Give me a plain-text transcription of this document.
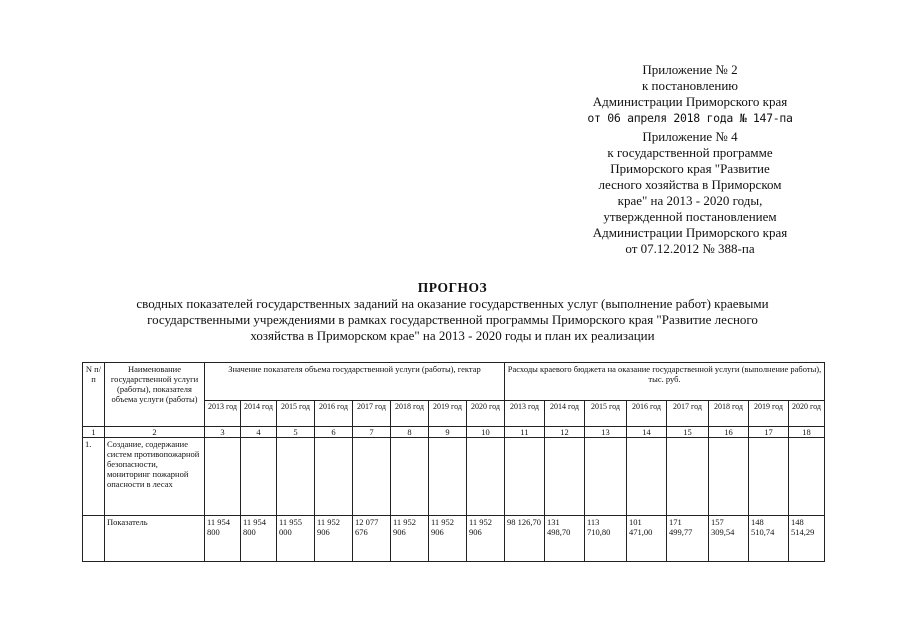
Приложение № 2
к постановлению
Администрации Приморского края
от 06 апреля 2018 года № 147-па
Приложение № 4
к государственной программе
Приморского края "Развитие
лесного хозяйства в Приморском
крае" на 2013 - 2020 годы,
утвержденной постановлением
Администрации Приморского края
от 07.12.2012 № 388-па
ПРОГНОЗ
сводных показателей государственных заданий на оказание государственных услуг (выполнение работ) краевыми
государственными учреждениями в рамках государственной программы Приморского края "Развитие лесного
хозяйства в Приморском крае" на 2013 - 2020 годы и план их реализации
N п/п	Наименование государственной услуги (работы), показателя объема услуги (работы)	Значение показателя объема государственной услуги (работы), гектар								Расходы краевого бюджета на оказание государственной услуги (выполнение работы), тыс. руб.							
		2013 год	2014 год	2015 год	2016 год	2017 год	2018 год	2019 год	2020 год	2013 год	2014 год	2015 год	2016 год	2017 год	2018 год	2019 год	2020 год
1	2	3	4	5	6	7	8	9	10	11	12	13	14	15	16	17	18
1.	Создание, содержание систем противопожарной безопасности, мониторинг пожарной опасности в лесах																
	Показатель	11 954 800	11 954 800	11 955 000	11 952 906	12 077 676	11 952 906	11 952 906	11 952 906	98 126,70	131 498,70	113 710,80	101 471,00	171 499,77	157 309,54	148 510,74	148 514,29
